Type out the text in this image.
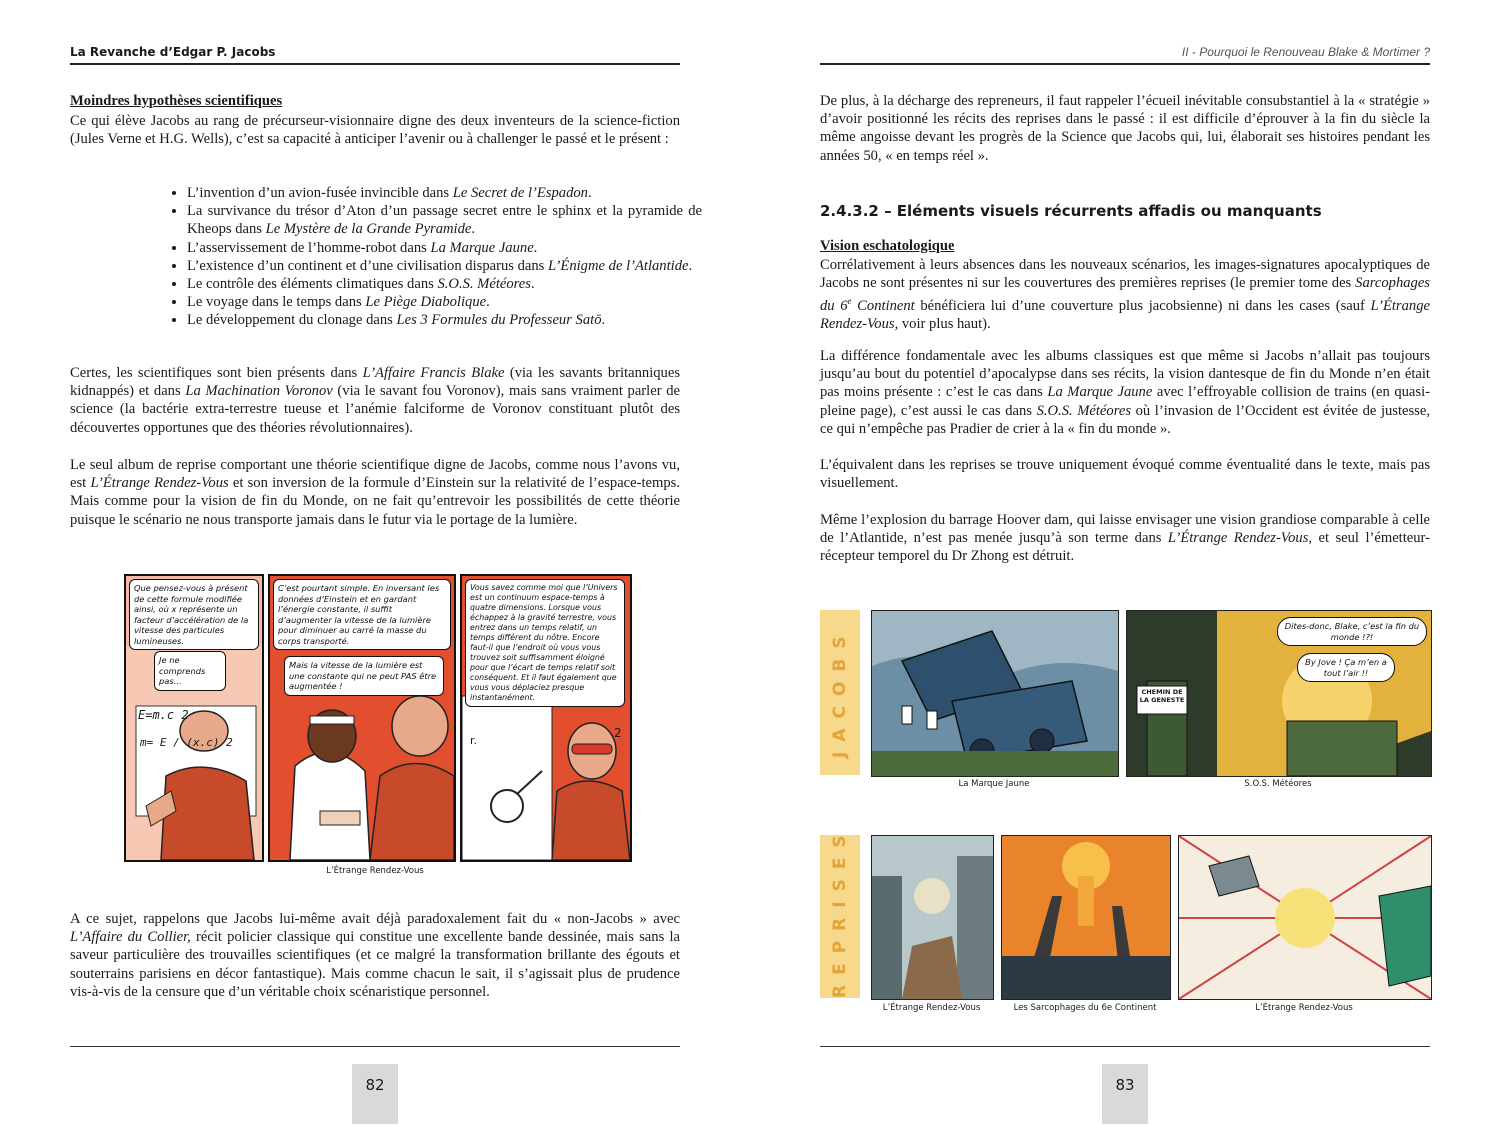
La Revanche d’Edgar P. Jacobs
Moindres hypothèses scientifiques

Ce qui élève Jacobs au rang de précurseur-visionnaire digne des deux inventeurs de la science-fiction (Jules Verne et H.G. Wells), c’est sa capacité à anticiper l’avenir ou à challenger le passé et le présent :

• L’invention d’un avion-fusée invincible dans Le Secret de l’Espadon.
• La survivance du trésor d’Aton d’un passage secret entre le sphinx et la pyramide de Kheops dans Le Mystère de la Grande Pyramide.
• L’asservissement de l’homme-robot dans La Marque Jaune.
• L’existence d’un continent et d’une civilisation disparus dans L’Énigme de l’Atlantide.
• Le contrôle des éléments climatiques dans S.O.S. Météores.
• Le voyage dans le temps dans Le Piège Diabolique.
• Le développement du clonage dans Les 3 Formules du Professeur Satō.

Certes, les scientifiques sont bien présents dans L’Affaire Francis Blake (via les savants britanniques kidnappés) et dans La Machination Voronov (via le savant fou Voronov), mais sans vraiment parler de science (la bactérie extra-terrestre tueuse et l’anémie falciforme de Voronov constituant plutôt des découvertes opportunes que des théories révolutionnaires).

Le seul album de reprise comportant une théorie scientifique digne de Jacobs, comme nous l’avons vu, est L’Étrange Rendez-Vous et son inversion de la formule d’Einstein sur la relativité de l’espace-temps. Mais comme pour la vision de fin du Monde, on ne fait qu’entrevoir les possibilités de cette théorie puisque le scénario ne nous transporte jamais dans le futur via le portage de la lumière.

Que pensez-vous à présent de cette formule modifiée ainsi, où x représente un facteur d’accélération de la vitesse des particules lumineuses.
Je ne comprends pas...
E=m.c 2
m= E / (x.c) 2
C’est pourtant simple. En inversant les données d’Einstein et en gardant l’énergie constante, il suffit d’augmenter la vitesse de la lumière pour diminuer au carré la masse du corps transporté.
Mais la vitesse de la lumière est une constante qui ne peut PAS être augmentée !
Vous savez comme moi que l’Univers est un continuum espace-temps à quatre dimensions. Lorsque vous échappez à la gravité terrestre, vous entrez dans un temps relatif, un temps différent du nôtre. Encore faut-il que l’endroit où vous vous trouvez soit suffisamment éloigné pour que l’écart de temps relatif soit conséquent. Et il faut également que vous vous déplaciez presque instantanément.
r.
2
L’Étrange Rendez-Vous

A ce sujet, rappelons que Jacobs lui-même avait déjà paradoxalement fait du « non-Jacobs » avec L’Affaire du Collier, récit policier classique qui constitue une excellente bande dessinée, mais sans la saveur particulière des trouvailles scientifiques (et ce malgré la transformation brillante des égouts et souterrains parisiens en décor fantastique). Mais comme chacun le sait, il s’agissait plus de prudence vis-à-vis de la censure que d’un véritable choix scénaristique personnel.

82
II - Pourquoi le Renouveau Blake & Mortimer ?

De plus, à la décharge des repreneurs, il faut rappeler l’écueil inévitable consubstantiel à la « stratégie » d’avoir positionné les récits des reprises dans le passé : il est difficile d’éprouver à la fin du siècle la même angoisse devant les progrès de la Science que Jacobs qui, lui, élaborait ses histoires pendant les années 50, « en temps réel ».

2.4.3.2 – Eléments visuels récurrents affadis ou manquants
Vision eschatologique

Corrélativement à leurs absences dans les nouveaux scénarios, les images-signatures apocalyptiques de Jacobs ne sont présentes ni sur les couvertures des premières reprises (le premier tome des Sarcophages du 6e Continent bénéficiera lui d’une couverture plus jacobsienne) ni dans les cases (sauf L’Étrange Rendez-Vous, voir plus haut).

La différence fondamentale avec les albums classiques est que même si Jacobs n’allait pas toujours jusqu’au bout du potentiel d’apocalypse dans ses récits, la vision dantesque de fin du Monde n’en était pas moins présente : c’est le cas dans La Marque Jaune avec l’effroyable collision de trains (en quasi-pleine page), c’est aussi le cas dans S.O.S. Météores où l’invasion de l’Occident est évitée de justesse, ce qui n’empêche pas Pradier de crier à la « fin du monde ».

L’équivalent dans les reprises se trouve uniquement évoqué comme éventualité dans le texte, mais pas visuellement.

Même l’explosion du barrage Hoover dam, qui laisse envisager une vision grandiose comparable à celle de l’Atlantide, n’est pas menée jusqu’à son terme dans L’Étrange Rendez-Vous, et seul l’émetteur-récepteur temporel du Dr Zhong est détruit.

JACOBS
Dites-donc, Blake, c’est la fin du monde !?!
By Jove ! Ça m’en a tout l’air !!
CHEMIN DE LA GENESTE
La Marque Jaune	S.O.S. Météores
REPRISES
L’Étrange Rendez-Vous	Les Sarcophages du 6e Continent	L’Étrange Rendez-Vous
83
